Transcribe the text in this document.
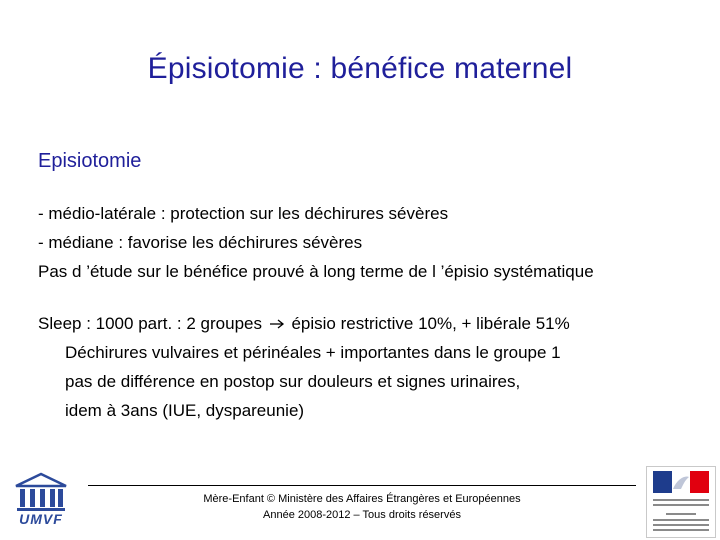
Épisiotomie : bénéfice maternel
Episiotomie
- médio-latérale : protection sur les déchirures sévères
- médiane : favorise les déchirures sévères
Pas d ’étude sur le bénéfice prouvé à long terme de l ’épisio systématique
Sleep : 1000 part. : 2 groupes épisio restrictive 10%, + libérale 51%
Déchirures vulvaires et périnéales + importantes dans le groupe 1
pas de différence en postop sur douleurs et signes urinaires,
idem à 3ans (IUE, dyspareunie)
UMVF
Mère-Enfant © Ministère des Affaires Étrangères et Européennes
Année 2008-2012 – Tous droits réservés
